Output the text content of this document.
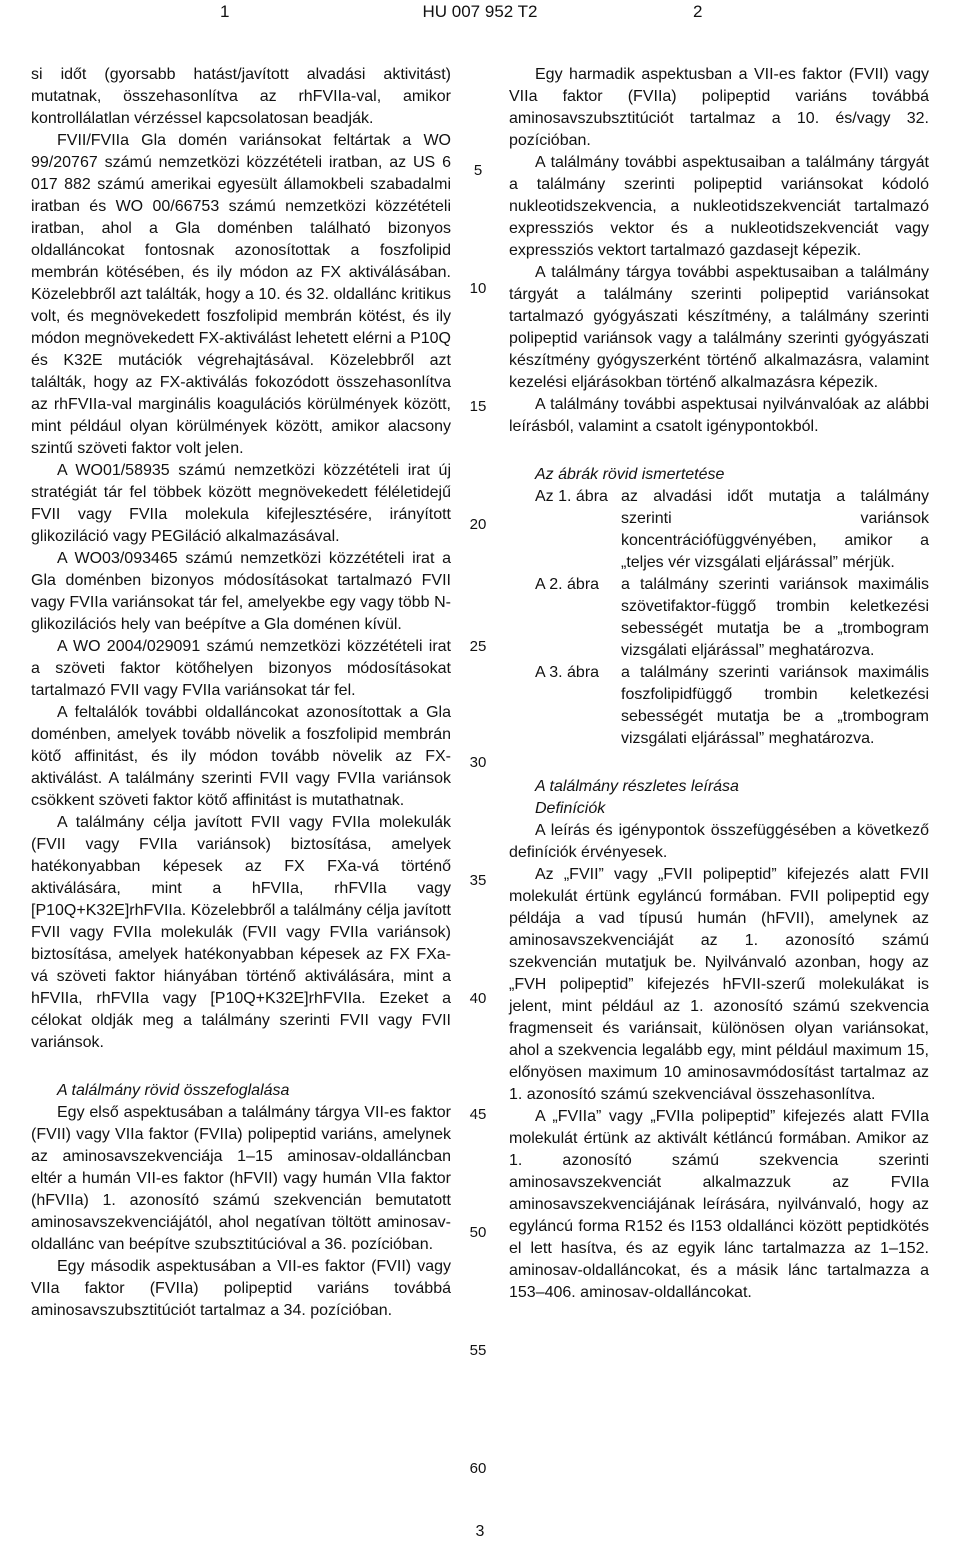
1	HU 007 952 T2	2

si időt (gyorsabb hatást/javított alvadási aktivitást) mutatnak, összehasonlítva az rhFVIIa-val, amikor kontrollálatlan vérzéssel kapcsolatosan beadják.

FVII/FVIIa Gla domén variánsokat feltártak a WO 99/20767 számú nemzetközi közzétételi iratban, az US 6 017 882 számú amerikai egyesült államokbeli szabadalmi iratban és WO 00/66753 számú nemzetközi közzétételi iratban, ahol a Gla doménben található bizonyos oldalláncokat fontosnak azonosítottak a foszfolipid membrán kötésében, és ily módon az FX aktiválásában. Közelebbről azt találták, hogy a 10. és 32. oldallánc kritikus volt, és megnövekedett foszfolipid membrán kötést, és ily módon megnövekedett FX-aktiválást lehetett elérni a P10Q és K32E mutációk végrehajtásával. Közelebbről azt találták, hogy az FX-aktiválás fokozódott összehasonlítva az rhFVIIa-val marginális koagulációs körülmények között, mint például olyan körülmények között, amikor alacsony szintű szöveti faktor volt jelen.

A WO01/58935 számú nemzetközi közzétételi irat új stratégiát tár fel többek között megnövekedett féléletidejű FVII vagy FVIIa molekula kifejlesztésére, irányított glikoziláció vagy PEGiláció alkalmazásával.

A WO03/093465 számú nemzetközi közzétételi irat a Gla doménben bizonyos módosításokat tartalmazó FVII vagy FVIIa variánsokat tár fel, amelyekbe egy vagy több N-glikozilációs hely van beépítve a Gla doménen kívül.

A WO 2004/029091 számú nemzetközi közzétételi irat a szöveti faktor kötőhelyen bizonyos módosításokat tartalmazó FVII vagy FVIIa variánsokat tár fel.

A feltalálók további oldalláncokat azonosítottak a Gla doménben, amelyek tovább növelik a foszfolipid membrán kötő affinitást, és ily módon tovább növelik az FX-aktiválást. A találmány szerinti FVII vagy FVIIa variánsok csökkent szöveti faktor kötő affinitást is mutathatnak.

A találmány célja javított FVII vagy FVIIa molekulák (FVII vagy FVIIa variánsok) biztosítása, amelyek hatékonyabban képesek az FX FXa-vá történő aktiválására, mint a hFVIIa, rhFVIIa vagy [P10Q+K32E]rhFVIIa. Közelebbről a találmány célja javított FVII vagy FVIIa molekulák (FVII vagy FVIIa variánsok) biztosítása, amelyek hatékonyabban képesek az FX FXa-vá szöveti faktor hiányában történő aktiválására, mint a hFVIIa, rhFVIIa vagy [P10Q+K32E]rhFVIIa. Ezeket a célokat oldják meg a találmány szerinti FVII vagy FVII variánsok.

A találmány rövid összefoglalása

Egy első aspektusában a találmány tárgya VII-es faktor (FVII) vagy VIIa faktor (FVIIa) polipeptid variáns, amelynek az aminosavszekvenciája 1–15 aminosav-oldalláncban eltér a humán VII-es faktor (hFVII) vagy humán VIIa faktor (hFVIIa) 1. azonosító számú szekvencián bemutatott aminosavszekvenciájától, ahol negatívan töltött aminosav-oldallánc van beépítve szubsztitúcióval a 36. pozícióban.

Egy második aspektusában a VII-es faktor (FVII) vagy VIIa faktor (FVIIa) polipeptid variáns továbbá aminosavszubsztitúciót tartalmaz a 34. pozícióban.

Egy harmadik aspektusban a VII-es faktor (FVII) vagy VIIa faktor (FVIIa) polipeptid variáns továbbá aminosavszubsztitúciót tartalmaz a 10. és/vagy 32. pozícióban.

A találmány további aspektusaiban a találmány tárgyát a találmány szerinti polipeptid variánsokat kódoló nukleotidszekvencia, a nukleotidszekvenciát tartalmazó expressziós vektor és a nukleotidszekvenciát vagy expressziós vektort tartalmazó gazdasejt képezik.

A találmány tárgya további aspektusaiban a találmány tárgyát a találmány szerinti polipeptid variánsokat tartalmazó gyógyászati készítmény, a találmány szerinti polipeptid variánsok vagy a találmány szerinti gyógyászati készítmény gyógyszerként történő alkalmazásra, valamint kezelési eljárásokban történő alkalmazásra képezik.

A találmány további aspektusai nyilvánvalóak az alábbi leírásból, valamint a csatolt igénypontokból.

Az ábrák rövid ismertetése

Az 1. ábra az alvadási időt mutatja a találmány szerinti variánsok koncentrációfüggvényében, amikor a „teljes vér vizsgálati eljárással” mérjük.
A 2. ábra	a találmány szerinti variánsok maximális szövetifaktor-függő trombin keletkezési sebességét mutatja be a „trombogram vizsgálati eljárással” meghatározva.
A 3. ábra	a találmány szerinti variánsok maximális foszfolipidfüggő trombin keletkezési sebességét mutatja be a „trombogram vizsgálati eljárással” meghatározva.

A találmány részletes leírása

Definíciók

A leírás és igénypontok összefüggésében a következő definíciók érvényesek.

Az „FVII” vagy „FVII polipeptid” kifejezés alatt FVII molekulát értünk egyláncú formában. FVII polipeptid egy példája a vad típusú humán (hFVII), amelynek az aminosavszekvenciáját az 1. azonosító számú szekvencián mutatjuk be. Nyilvánvaló azonban, hogy az „FVH polipeptid” kifejezés hFVII-szerű molekulákat is jelent, mint például az 1. azonosító számú szekvencia fragmenseit és variánsait, különösen olyan variánsokat, ahol a szekvencia legalább egy, mint például maximum 15, előnyösen maximum 10 aminosavmódosítást tartalmaz az 1. azonosító számú szekvenciával összehasonlítva.

A „FVIIa” vagy „FVIIa polipeptid” kifejezés alatt FVIIa molekulát értünk az aktivált kétláncú formában. Amikor az 1. azonosító számú szekvencia szerinti aminosavszekvenciát alkalmazzuk az FVIIa aminosavszekvenciájának leírására, nyilvánvaló, hogy az egyláncú forma R152 és I153 oldallánci között peptidkötés el lett hasítva, és az egyik lánc tartalmazza az 1–152. aminosav-oldalláncokat, és a másik lánc tartalmazza a 153–406. aminosav-oldalláncokat.

5
10
15
20
25
30
35
40
45
50
55
60
3
